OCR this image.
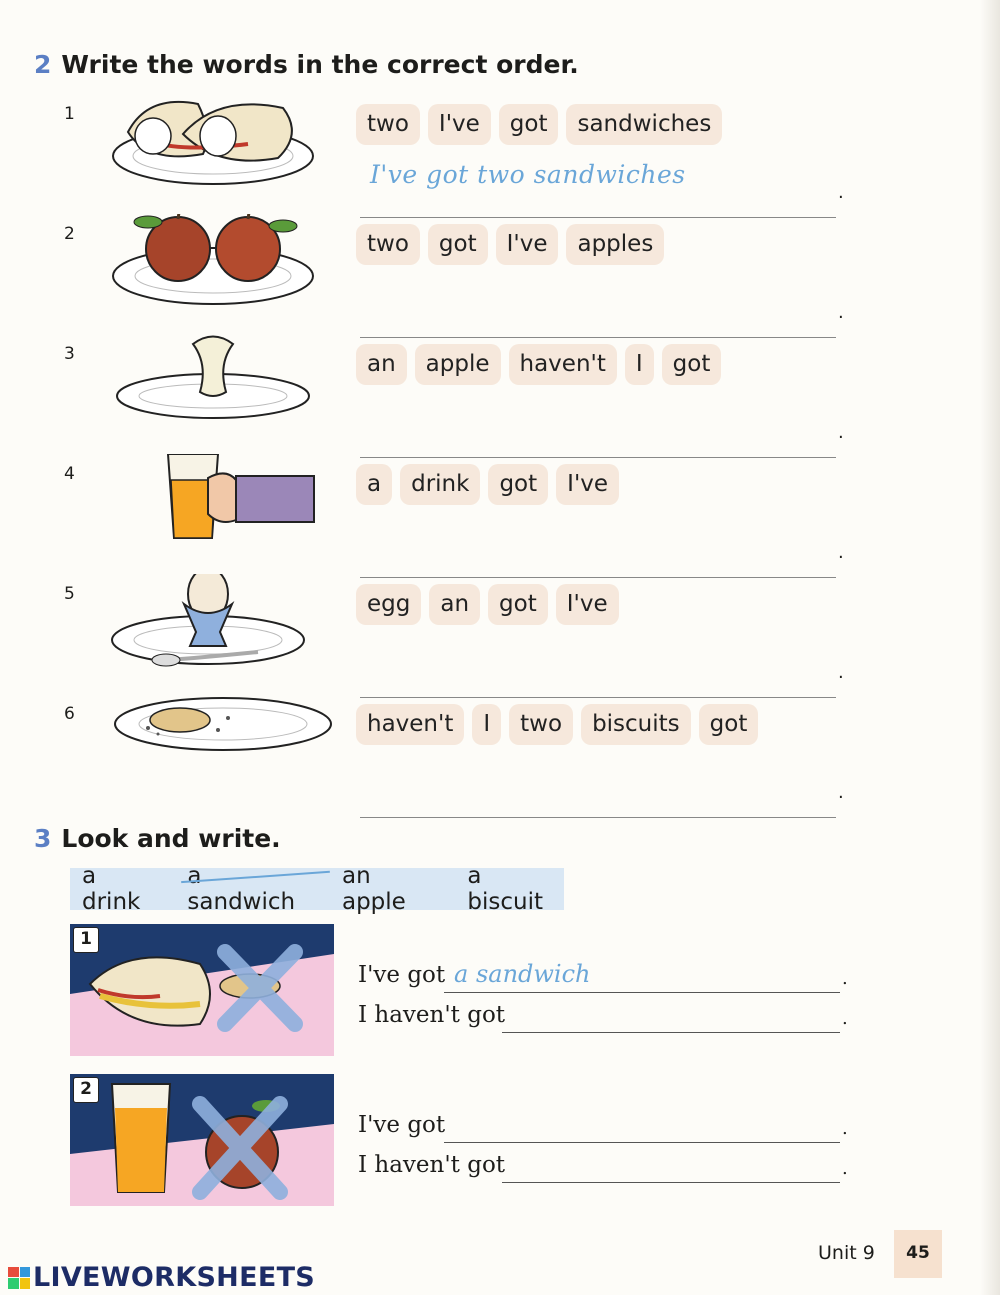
2 Write the words in the correct order.
1	two	I've	got	sandwiches
I've got two sandwiches
.
2	two	got	I've	apples
.
3	an	apple	haven't	I	got
.
4	a	drink	got	I've
.
5	egg	an	got	I've
.
6	haven't	I	two	biscuits	got
.
3 Look and write.
a drink
a sandwich
an apple
a biscuit
1
I've got a sandwich	.
I haven't got	.
2
I've got	.
I haven't got	.
Unit 9	45
LIVEWORKSHEETS
